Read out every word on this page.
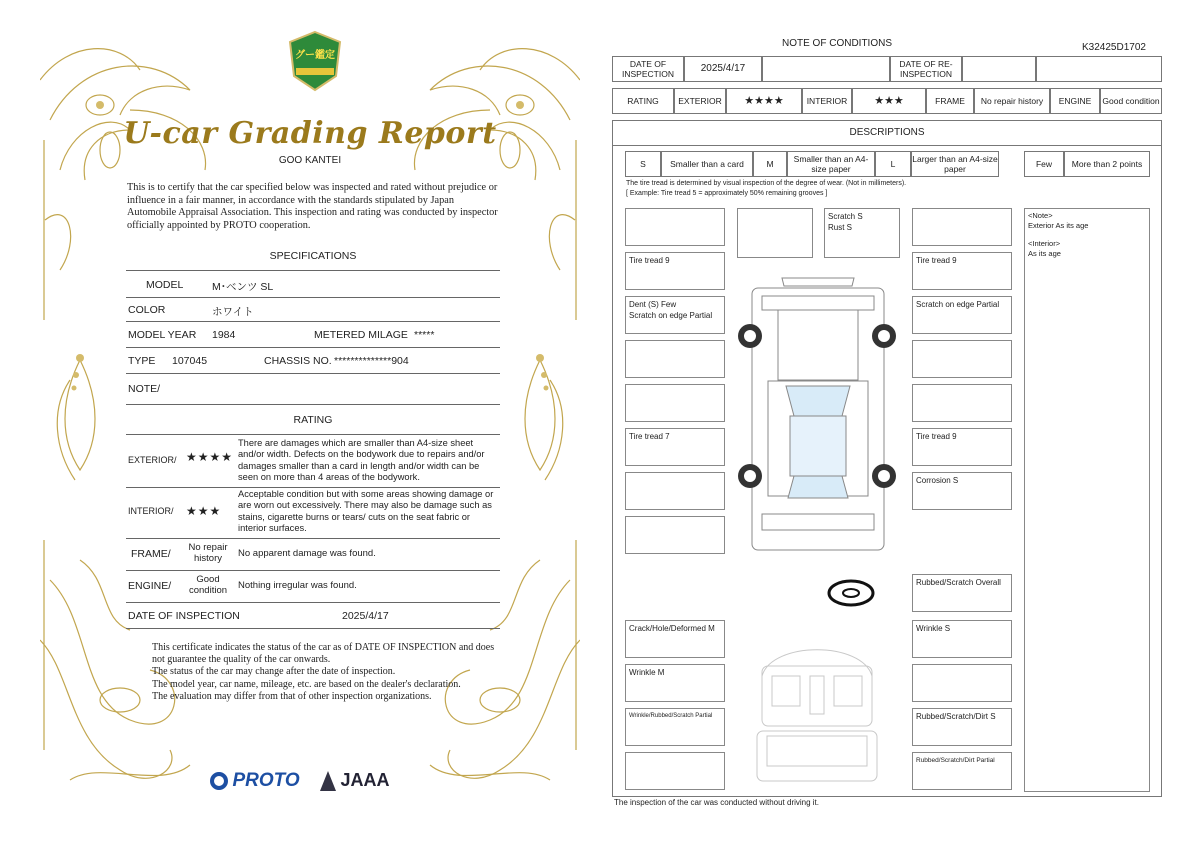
グー鑑定
U-car Grading Report
GOO KANTEI
This is to certify that the car specified below was inspected and rated without prejudice or influence in a fair manner, in accordance with the standards stipulated by Japan Automobile Appraisal Association. This inspection and rating was conducted by inspector officially appointed by PROTO cooperation.
SPECIFICATIONS
MODEL	M･ベンツ SL
COLOR	ホワイト
MODEL YEAR 1984	METERED MILAGE *****
TYPE 107045	CHASSIS NO. **************904
NOTE/
RATING
EXTERIOR/ ★★★★
There are damages which are smaller than A4-size sheet and/or width. Defects on the bodywork due to repairs and/or damages smaller than a card in length and/or width can be seen on more than 4 areas of the bodywork.
INTERIOR/ ★★★
Acceptable condition but with some areas showing damage or are worn out excessively. There may also be damage such as stains, cigarette burns or tears/ cuts on the seat fabric or interior surfaces.
FRAME/
No repair history	No apparent damage was found.
ENGINE/
Good condition	Nothing irregular was found.
DATE OF INSPECTION	2025/4/17
This certificate indicates the status of the car as of DATE OF INSPECTION and does not guarantee the quality of the car onwards.
The status of the car may change after the date of inspection.
The model year, car name, mileage, etc. are based on the dealer's declaration.
The evaluation may differ from that of other inspection organizations.
PROTO	JAAA
NOTE OF CONDITIONS	K32425D1702
DATE OF INSPECTION	2025/4/17	DATE OF RE-INSPECTION
RATING	EXTERIOR	★★★★	INTERIOR	★★★	FRAME	No repair history	ENGINE	Good condition
DESCRIPTIONS
S	Smaller than a card	M	Smaller than an A4-size paper	L	Larger than an A4-size paper	Few	More than 2 points
The tire tread is determined by visual inspection of the degree of wear. (Not in millimeters).
[ Example: Tire tread 5 = approximately 50% remaining grooves ]
Scratch S
Rust S
Tire tread 9
Dent (S) Few
Scratch on edge Partial
Tire tread 7
Tire tread 9
Scratch on edge Partial
Tire tread 9
Corrosion S
<Note>
Exterior As its age
<Interior>
As its age
Rubbed/Scratch Overall
Wrinkle S
Rubbed/Scratch/Dirt S
Rubbed/Scratch/Dirt Partial
Crack/Hole/Deformed M
Wrinkle M
Wrinkle/Rubbed/Scratch Partial
The inspection of the car was conducted without driving it.
